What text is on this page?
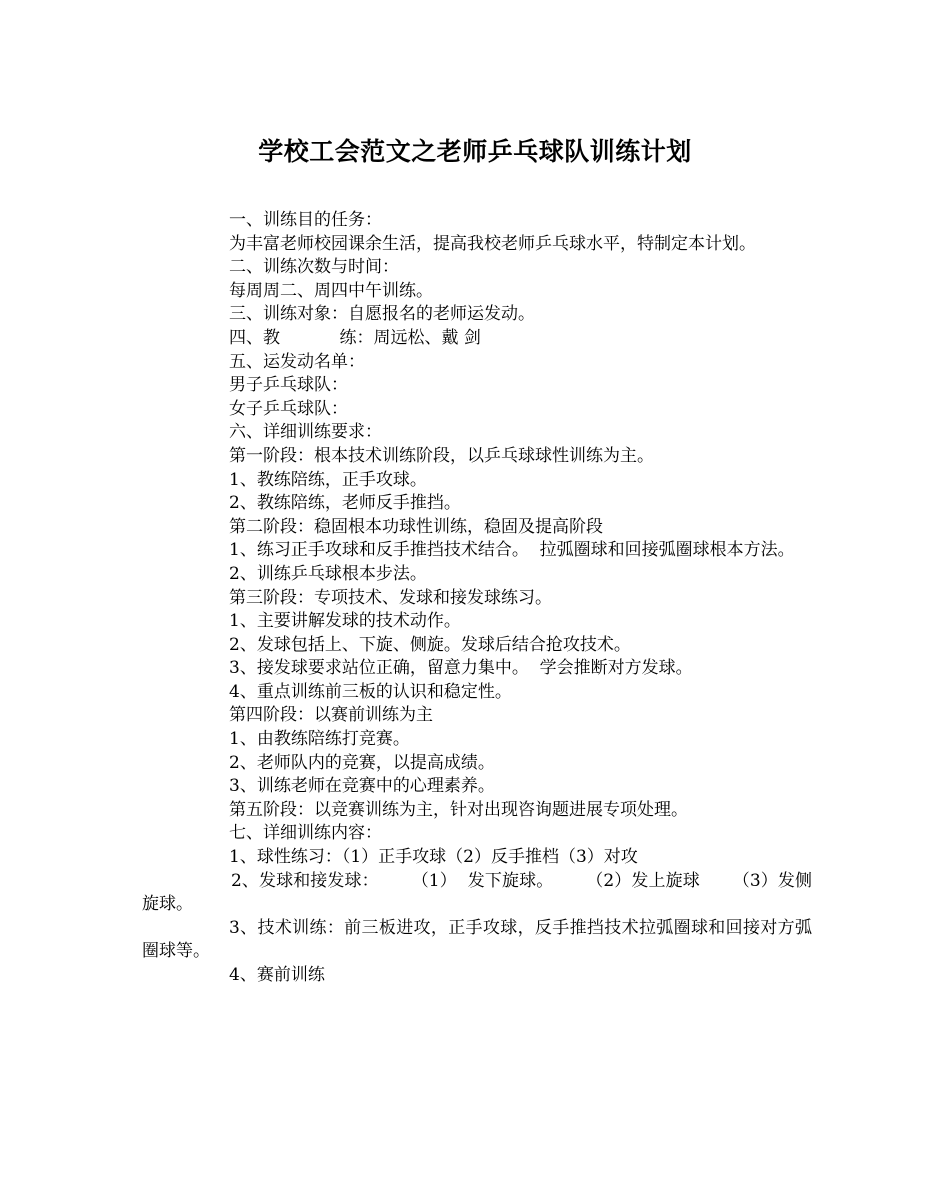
学校工会范文之老师乒乓球队训练计划

一、训练目的任务：

为丰富老师校园课余生活，提高我校老师乒乓球水平，特制定本计划。

二、训练次数与时间：

每周周二、周四中午训练。

三、训练对象：自愿报名的老师运发动。

四、教           练：周远松、戴 剑

五、运发动名单：

男子乒乓球队：

女子乒乓球队：

六、详细训练要求：

第一阶段：根本技术训练阶段，以乒乓球球性训练为主。

1、教练陪练，正手攻球。

2、教练陪练，老师反手推挡。

第二阶段：稳固根本功球性训练，稳固及提高阶段

1、练习正手攻球和反手推挡技术结合。  拉弧圈球和回接弧圈球根本方法。

2、训练乒乓球根本步法。

第三阶段：专项技术、发球和接发球练习。

1、主要讲解发球的技术动作。

2、发球包括上、下旋、侧旋。发球后结合抢攻技术。

3、接发球要求站位正确，留意力集中。  学会推断对方发球。

4、重点训练前三板的认识和稳定性。

第四阶段：以赛前训练为主

1、由教练陪练打竞赛。

2、老师队内的竞赛，以提高成绩。

3、训练老师在竞赛中的心理素养。

第五阶段：以竞赛训练为主，针对出现咨询题进展专项处理。

七、详细训练内容：

1、球性练习：（1）正手攻球（2）反手推档（3）对攻

2、发球和接发球：      （1）  发下旋球。      （2）发上旋球      （3）发侧旋球。

3、技术训练：前三板进攻，正手攻球，反手推挡技术拉弧圈球和回接对方弧圈球等。

4、赛前训练
